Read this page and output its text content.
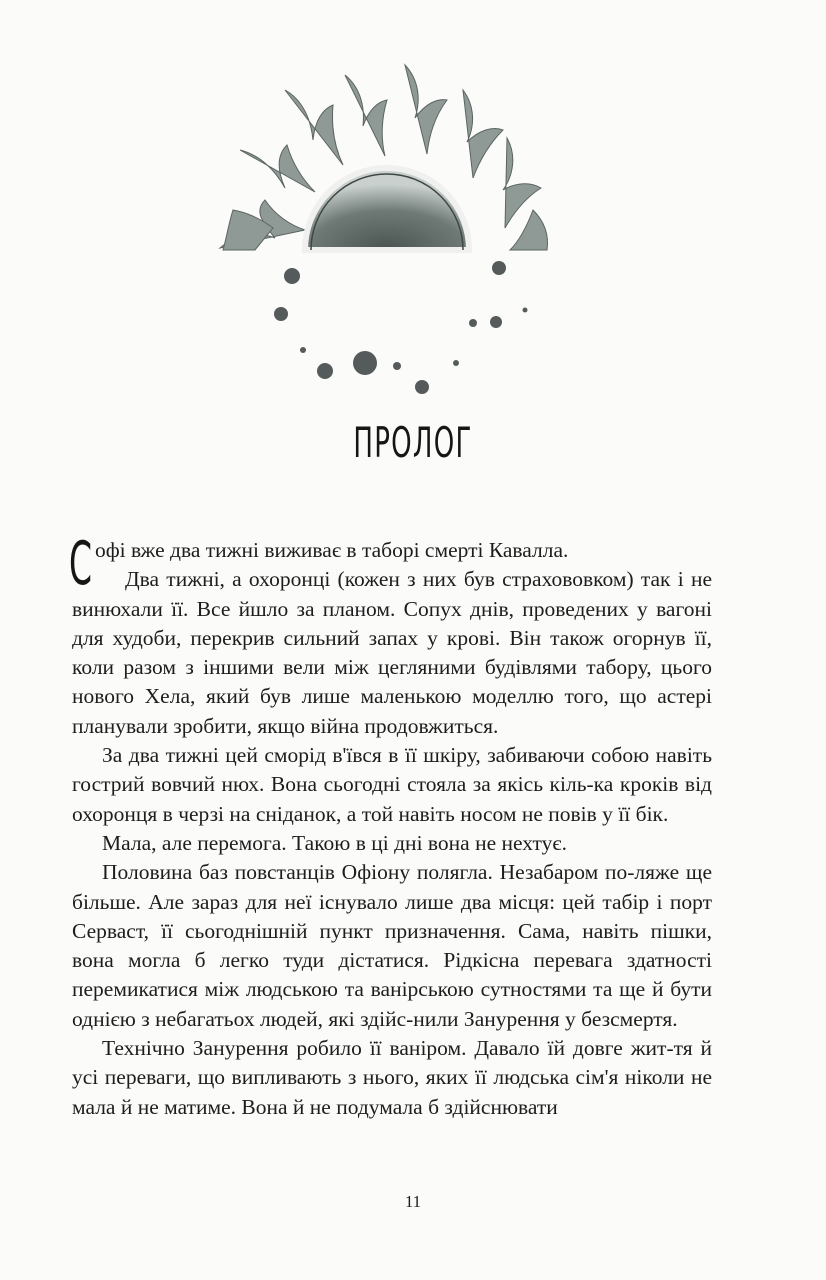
ПРОЛОГ

Софі вже два тижні виживає в таборі смерті Кавалла.

Два тижні, а охоронці (кожен з них був страхововком) так і не винюхали її. Все йшло за планом. Сопух днів, проведених у вагоні для худоби, перекрив сильний запах у крові. Він також огорнув її, коли разом з іншими вели між цегляними будівлями табору, цього нового Хела, який був лише маленькою моделлю того, що астері планували зробити, якщо війна продовжиться.

За два тижні цей сморід в'ївся в її шкіру, забиваючи собою навіть гострий вовчий нюх. Вона сьогодні стояла за якісь кіль-ка кроків від охоронця в черзі на сніданок, а той навіть носом не повів у її бік.

Мала, але перемога. Такою в ці дні вона не нехтує.

Половина баз повстанців Офіону полягла. Незабаром по-ляже ще більше. Але зараз для неї існувало лише два місця: цей табір і порт Серваст, її сьогоднішній пункт призначення. Сама, навіть пішки, вона могла б легко туди дістатися. Рідкісна перевага здатності перемикатися між людською та ванірською сутностями та ще й бути однією з небагатьох людей, які здійс-нили Занурення у безсмертя.

Технічно Занурення робило її ваніром. Давало їй довге жит-тя й усі переваги, що випливають з нього, яких її людська сім'я ніколи не мала й не матиме. Вона й не подумала б здійснювати

11
